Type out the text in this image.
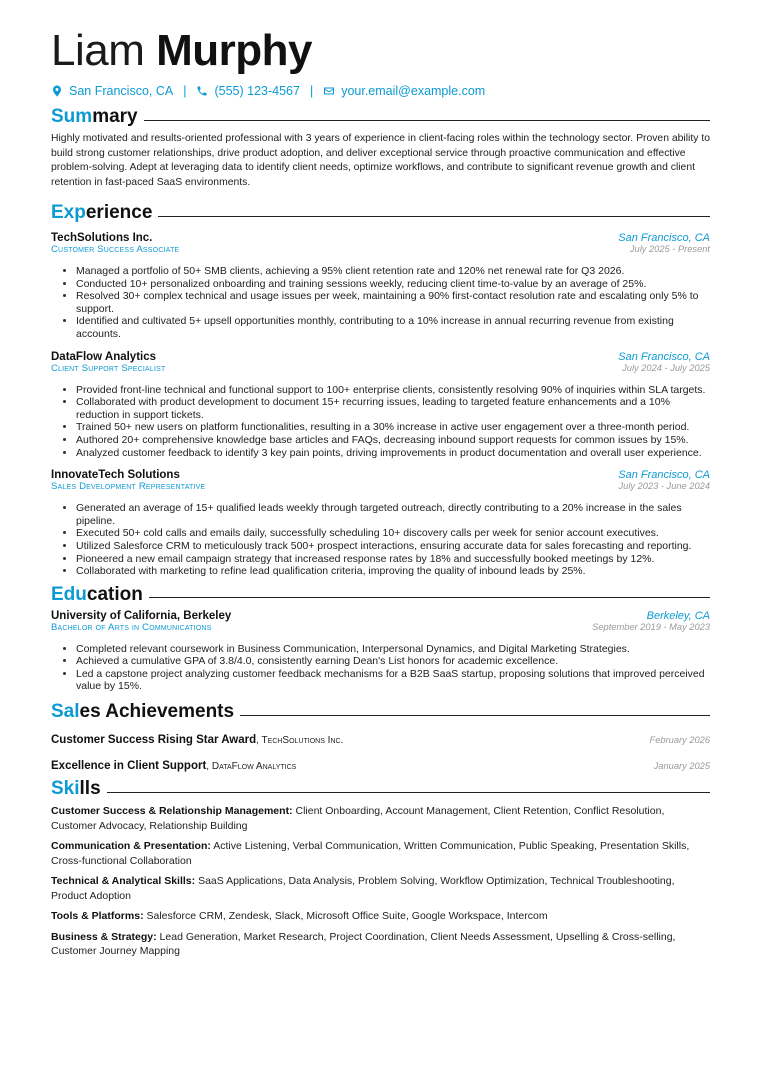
Liam Murphy
San Francisco, CA | (555) 123-4567 | your.email@example.com
Summary
Highly motivated and results-oriented professional with 3 years of experience in client-facing roles within the technology sector. Proven ability to build strong customer relationships, drive product adoption, and deliver exceptional service through proactive communication and effective problem-solving. Adept at leveraging data to identify client needs, optimize workflows, and contribute to significant revenue growth and client retention in fast-paced SaaS environments.
Experience
TechSolutions Inc.	San Francisco, CA
Customer Success Associate	July 2025 - Present
• Managed a portfolio of 50+ SMB clients, achieving a 95% client retention rate and 120% net renewal rate for Q3 2026.
• Conducted 10+ personalized onboarding and training sessions weekly, reducing client time-to-value by an average of 25%.
• Resolved 30+ complex technical and usage issues per week, maintaining a 90% first-contact resolution rate and escalating only 5% to support.
• Identified and cultivated 5+ upsell opportunities monthly, contributing to a 10% increase in annual recurring revenue from existing accounts.
DataFlow Analytics	San Francisco, CA
Client Support Specialist	July 2024 - July 2025
• Provided front-line technical and functional support to 100+ enterprise clients, consistently resolving 90% of inquiries within SLA targets.
• Collaborated with product development to document 15+ recurring issues, leading to targeted feature enhancements and a 10% reduction in support tickets.
• Trained 50+ new users on platform functionalities, resulting in a 30% increase in active user engagement over a three-month period.
• Authored 20+ comprehensive knowledge base articles and FAQs, decreasing inbound support requests for common issues by 15%.
• Analyzed customer feedback to identify 3 key pain points, driving improvements in product documentation and overall user experience.
InnovateTech Solutions	San Francisco, CA
Sales Development Representative	July 2023 - June 2024
• Generated an average of 15+ qualified leads weekly through targeted outreach, directly contributing to a 20% increase in the sales pipeline.
• Executed 50+ cold calls and emails daily, successfully scheduling 10+ discovery calls per week for senior account executives.
• Utilized Salesforce CRM to meticulously track 500+ prospect interactions, ensuring accurate data for sales forecasting and reporting.
• Pioneered a new email campaign strategy that increased response rates by 18% and successfully booked meetings by 12%.
• Collaborated with marketing to refine lead qualification criteria, improving the quality of inbound leads by 25%.
Education
University of California, Berkeley	Berkeley, CA
Bachelor of Arts in Communications	September 2019 - May 2023
• Completed relevant coursework in Business Communication, Interpersonal Dynamics, and Digital Marketing Strategies.
• Achieved a cumulative GPA of 3.8/4.0, consistently earning Dean's List honors for academic excellence.
• Led a capstone project analyzing customer feedback mechanisms for a B2B SaaS startup, proposing solutions that improved perceived value by 15%.
Sales Achievements
Customer Success Rising Star Award, TechSolutions Inc.	February 2026
Excellence in Client Support, DataFlow Analytics	January 2025
Skills
Customer Success & Relationship Management: Client Onboarding, Account Management, Client Retention, Conflict Resolution, Customer Advocacy, Relationship Building
Communication & Presentation: Active Listening, Verbal Communication, Written Communication, Public Speaking, Presentation Skills, Cross-functional Collaboration
Technical & Analytical Skills: SaaS Applications, Data Analysis, Problem Solving, Workflow Optimization, Technical Troubleshooting, Product Adoption
Tools & Platforms: Salesforce CRM, Zendesk, Slack, Microsoft Office Suite, Google Workspace, Intercom
Business & Strategy: Lead Generation, Market Research, Project Coordination, Client Needs Assessment, Upselling & Cross-selling, Customer Journey Mapping
